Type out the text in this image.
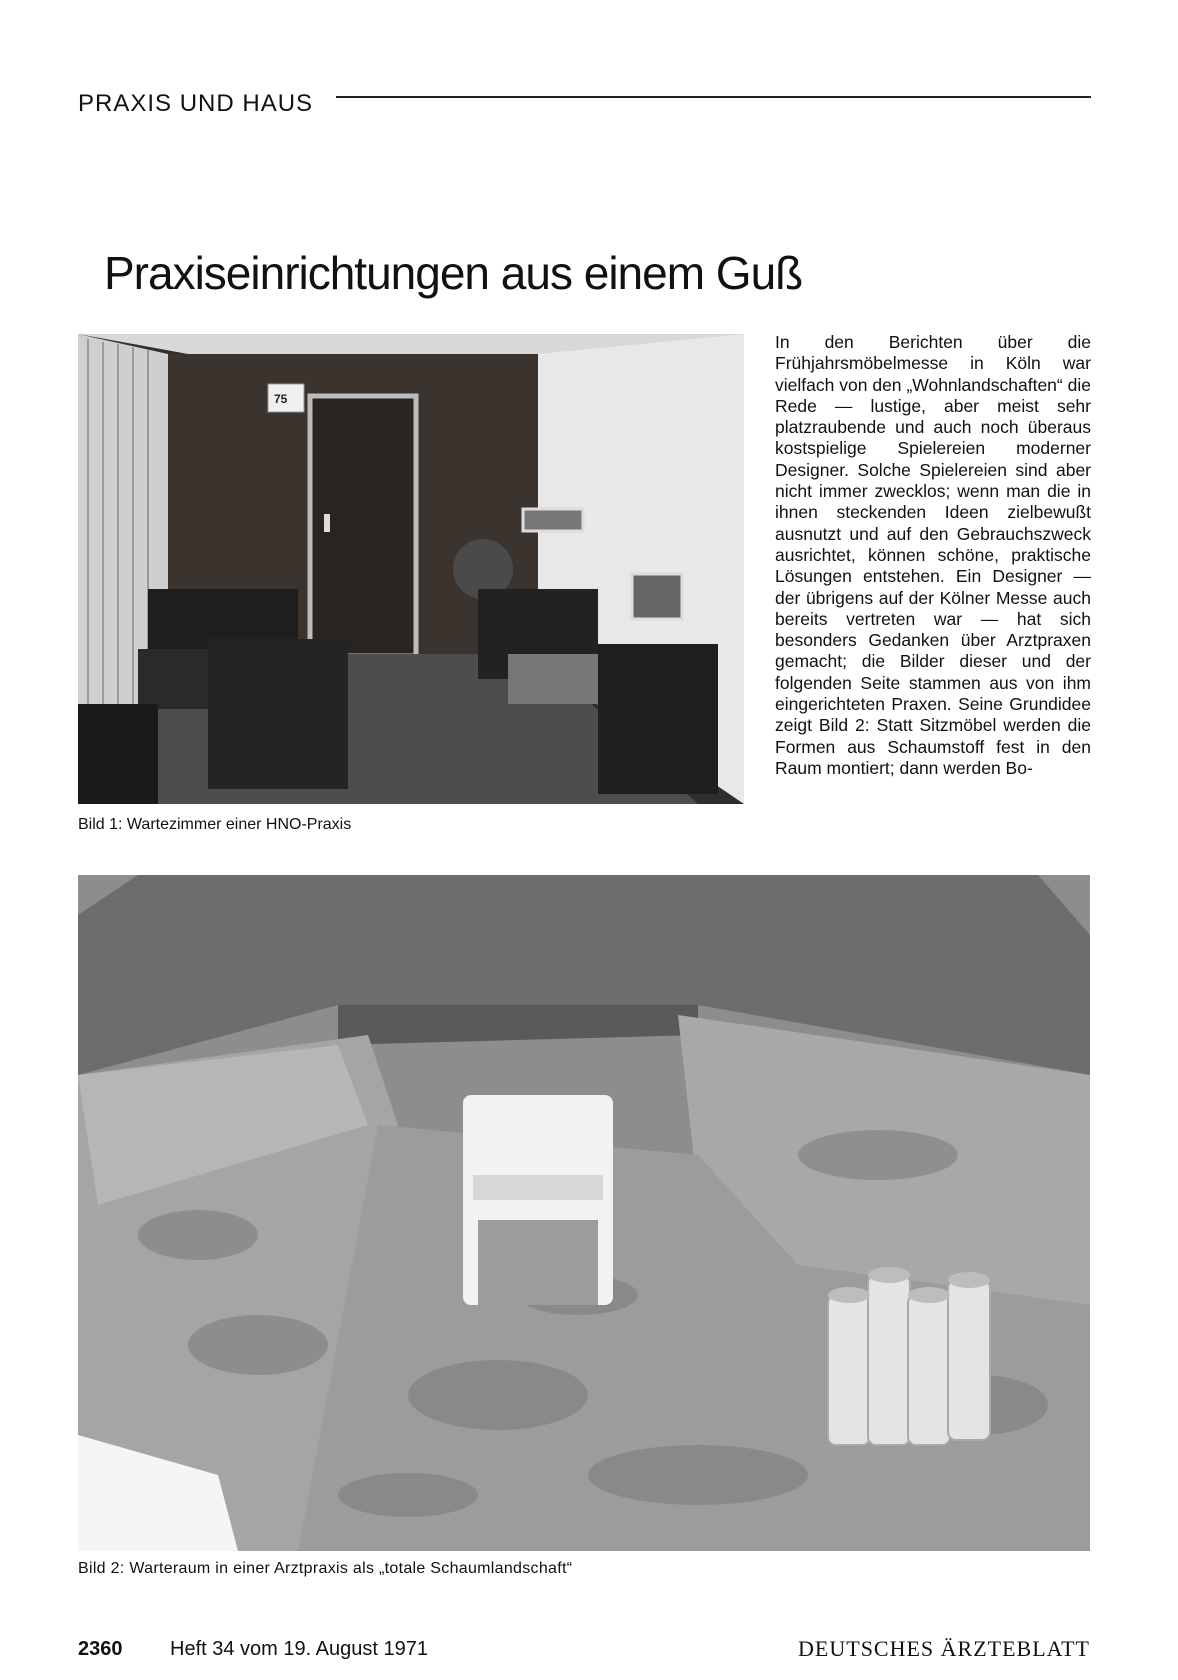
PRAXIS UND HAUS
Praxiseinrichtungen aus einem Guß
75
Bild 1: Wartezimmer einer HNO-Praxis
In den Berichten über die Frühjahrsmöbelmesse in Köln war vielfach von den „Wohnlandschaften“ die Rede — lustige, aber meist sehr platzraubende und auch noch überaus kostspielige Spielereien moderner Designer. Solche Spielereien sind aber nicht immer zwecklos; wenn man die in ihnen steckenden Ideen zielbewußt ausnutzt und auf den Gebrauchszweck ausrichtet, können schöne, praktische Lösungen entstehen. Ein Designer — der übrigens auf der Kölner Messe auch bereits vertreten war — hat sich besonders Gedanken über Arztpraxen gemacht; die Bilder dieser und der folgenden Seite stammen aus von ihm eingerichteten Praxen. Seine Grundidee zeigt Bild 2: Statt Sitzmöbel werden die Formen aus Schaumstoff fest in den Raum montiert; dann werden Bo-
Bild 2: Warteraum in einer Arztpraxis als „totale Schaumlandschaft“
2360 Heft 34 vom 19. August 1971	DEUTSCHES ÄRZTEBLATT
